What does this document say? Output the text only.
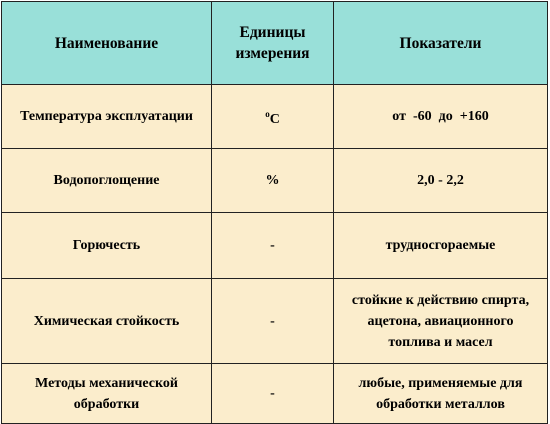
Наименование	Единицы измерения	Показатели
Температура эксплуатации	$^o$C	от  -60  до  +160
Водопоглощение	%	2,0 - 2,2
Горючесть	-	трудносгораемые
Химическая стойкость	-	стойкие к действию спирта, ацетона, авиационного топлива и масел
Методы механической обработки	-	любые, применяемые для обработки металлов
